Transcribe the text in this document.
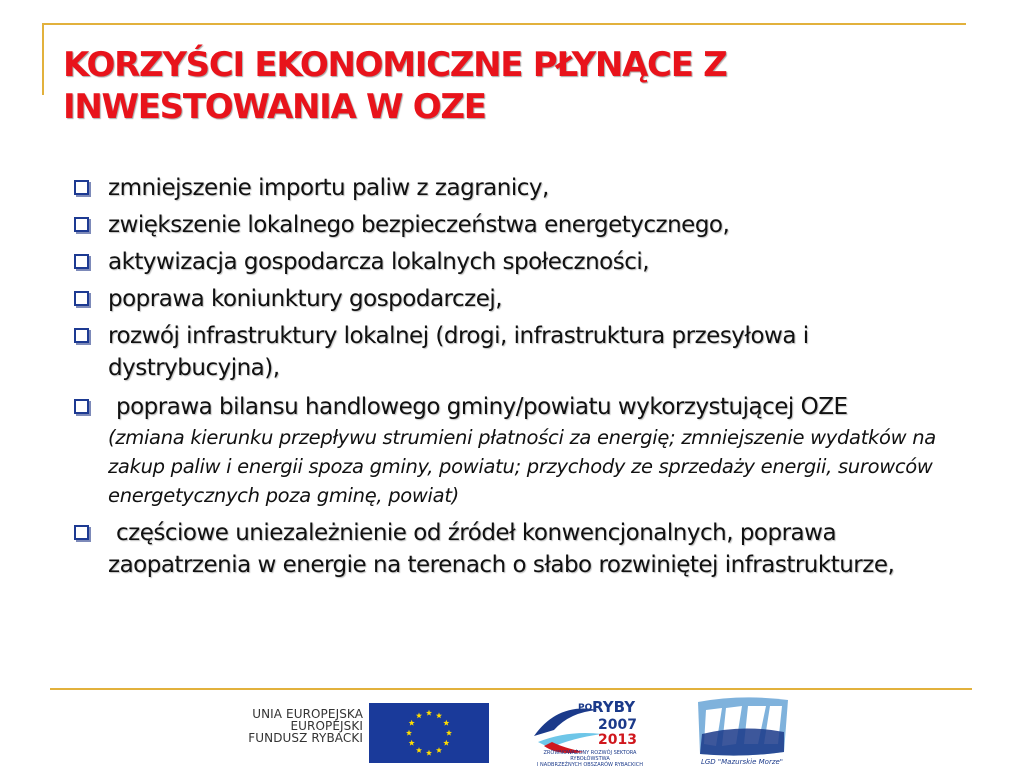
KORZYŚCI EKONOMICZNE PŁYNĄCE Z
INWESTOWANIA W OZE
zmniejszenie importu paliw z zagranicy,
zwiększenie lokalnego bezpieczeństwa energetycznego,
aktywizacja gospodarcza lokalnych społeczności,
poprawa koniunktury gospodarczej,
rozwój infrastruktury lokalnej (drogi, infrastruktura przesyłowa i dystrybucyjna),
poprawa bilansu handlowego gminy/powiatu wykorzystującej OZE
(zmiana kierunku przepływu strumieni płatności za energię; zmniejszenie wydatków na zakup paliw i energii spoza gminy, powiatu; przychody ze sprzedaży energii, surowców energetycznych poza gminę, powiat)
częściowe uniezależnienie od źródeł konwencjonalnych, poprawa zaopatrzenia w energie na terenach o słabo rozwiniętej infrastrukturze,
UNIA EUROPEJSKA
EUROPEJSKI
FUNDUSZ RYBACKI
PO RYBY
2007
2013
ZRÓWNOWAŻONY ROZWÓJ SEKTORA RYBOŁÓWSTWA
I NADBRZEŻNYCH OBSZARÓW RYBACKICH	LGD "Mazurskie Morze"
